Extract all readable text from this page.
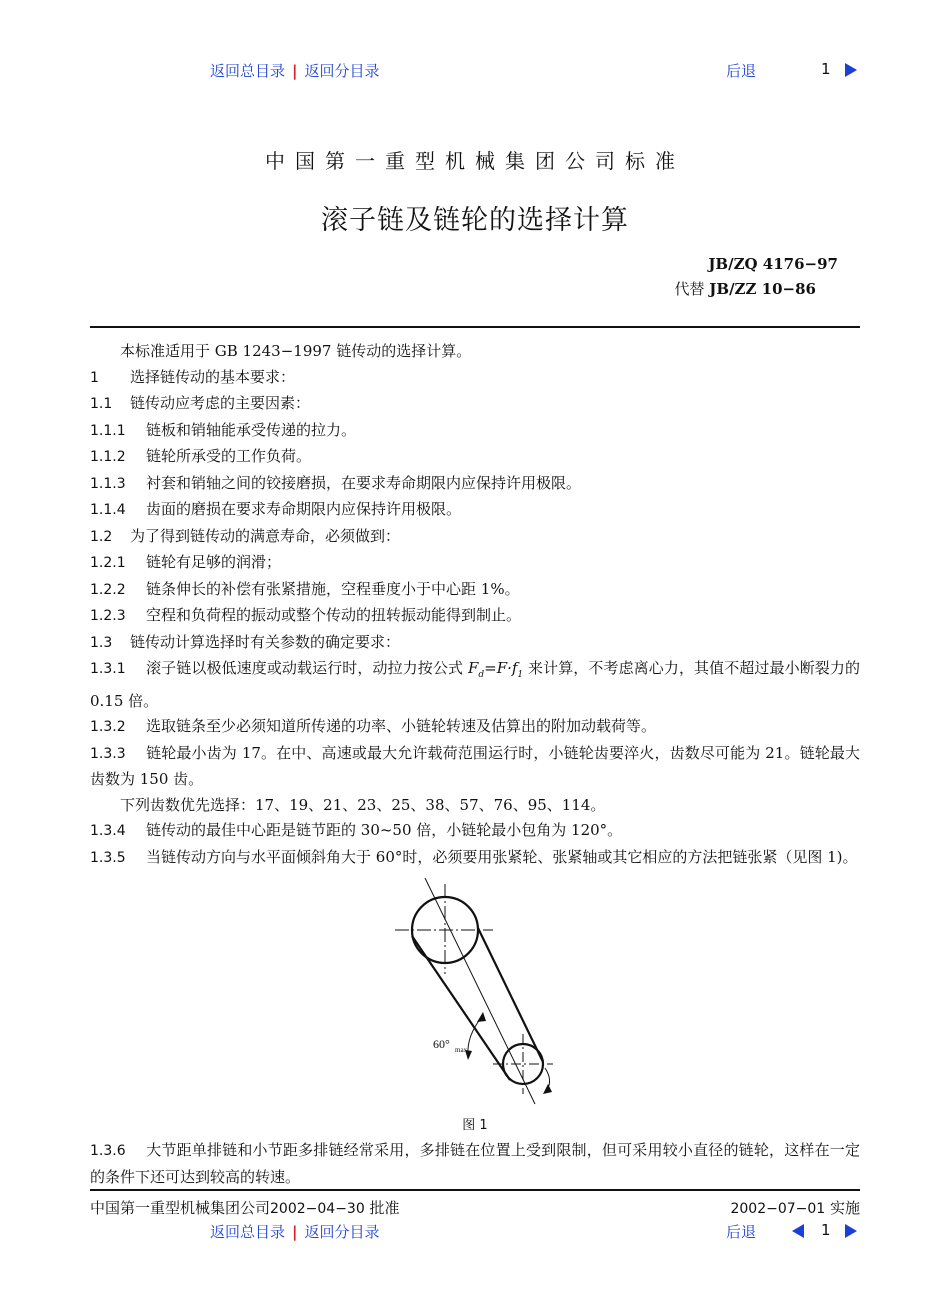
返回总目录 | 返回分目录	后退	1
中国第一重型机械集团公司标准
滚子链及链轮的选择计算
JB/ZQ 4176−97
代替 JB/ZZ 10−86

本标准适用于 GB 1243−1997 链传动的选择计算。

1 选择链传动的基本要求：

1.1 链传动应考虑的主要因素：

1.1.1 链板和销轴能承受传递的拉力。

1.1.2 链轮所承受的工作负荷。

1.1.3 衬套和销轴之间的铰接磨损，在要求寿命期限内应保持许用极限。

1.1.4 齿面的磨损在要求寿命期限内应保持许用极限。

1.2 为了得到链传动的满意寿命，必须做到：

1.2.1 链轮有足够的润滑；

1.2.2 链条伸长的补偿有张紧措施，空程垂度小于中心距 1%。

1.2.3 空程和负荷程的振动或整个传动的扭转振动能得到制止。

1.3 链传动计算选择时有关参数的确定要求：

1.3.1 滚子链以极低速度或动载运行时，动拉力按公式 $F_d=F\cdot f_1$ 来计算，不考虑离心力，其值不超过最小断裂力的 0.15 倍。

1.3.2 选取链条至少必须知道所传递的功率、小链轮转速及估算出的附加动载荷等。

1.3.3 链轮最小齿为 17。在中、高速或最大允许载荷范围运行时，小链轮齿要淬火，齿数尽可能为 21。链轮最大齿数为 150 齿。

下列齿数优先选择：17、19、21、23、25、38、57、76、95、114。

1.3.4 链传动的最佳中心距是链节距的 30~50 倍，小链轮最小包角为 120°。

1.3.5 当链传动方向与水平面倾斜角大于 60°时，必须要用张紧轮、张紧轴或其它相应的方法把链张紧（见图 1)。

60° max

图 1

1.3.6 大节距单排链和小节距多排链经常采用，多排链在位置上受到限制，但可采用较小直径的链轮，这样在一定的条件下还可达到较高的转速。

中国第一重型机械集团公司2002−04−30 批准	2002−07−01 实施
返回总目录 | 返回分目录	后退	1
